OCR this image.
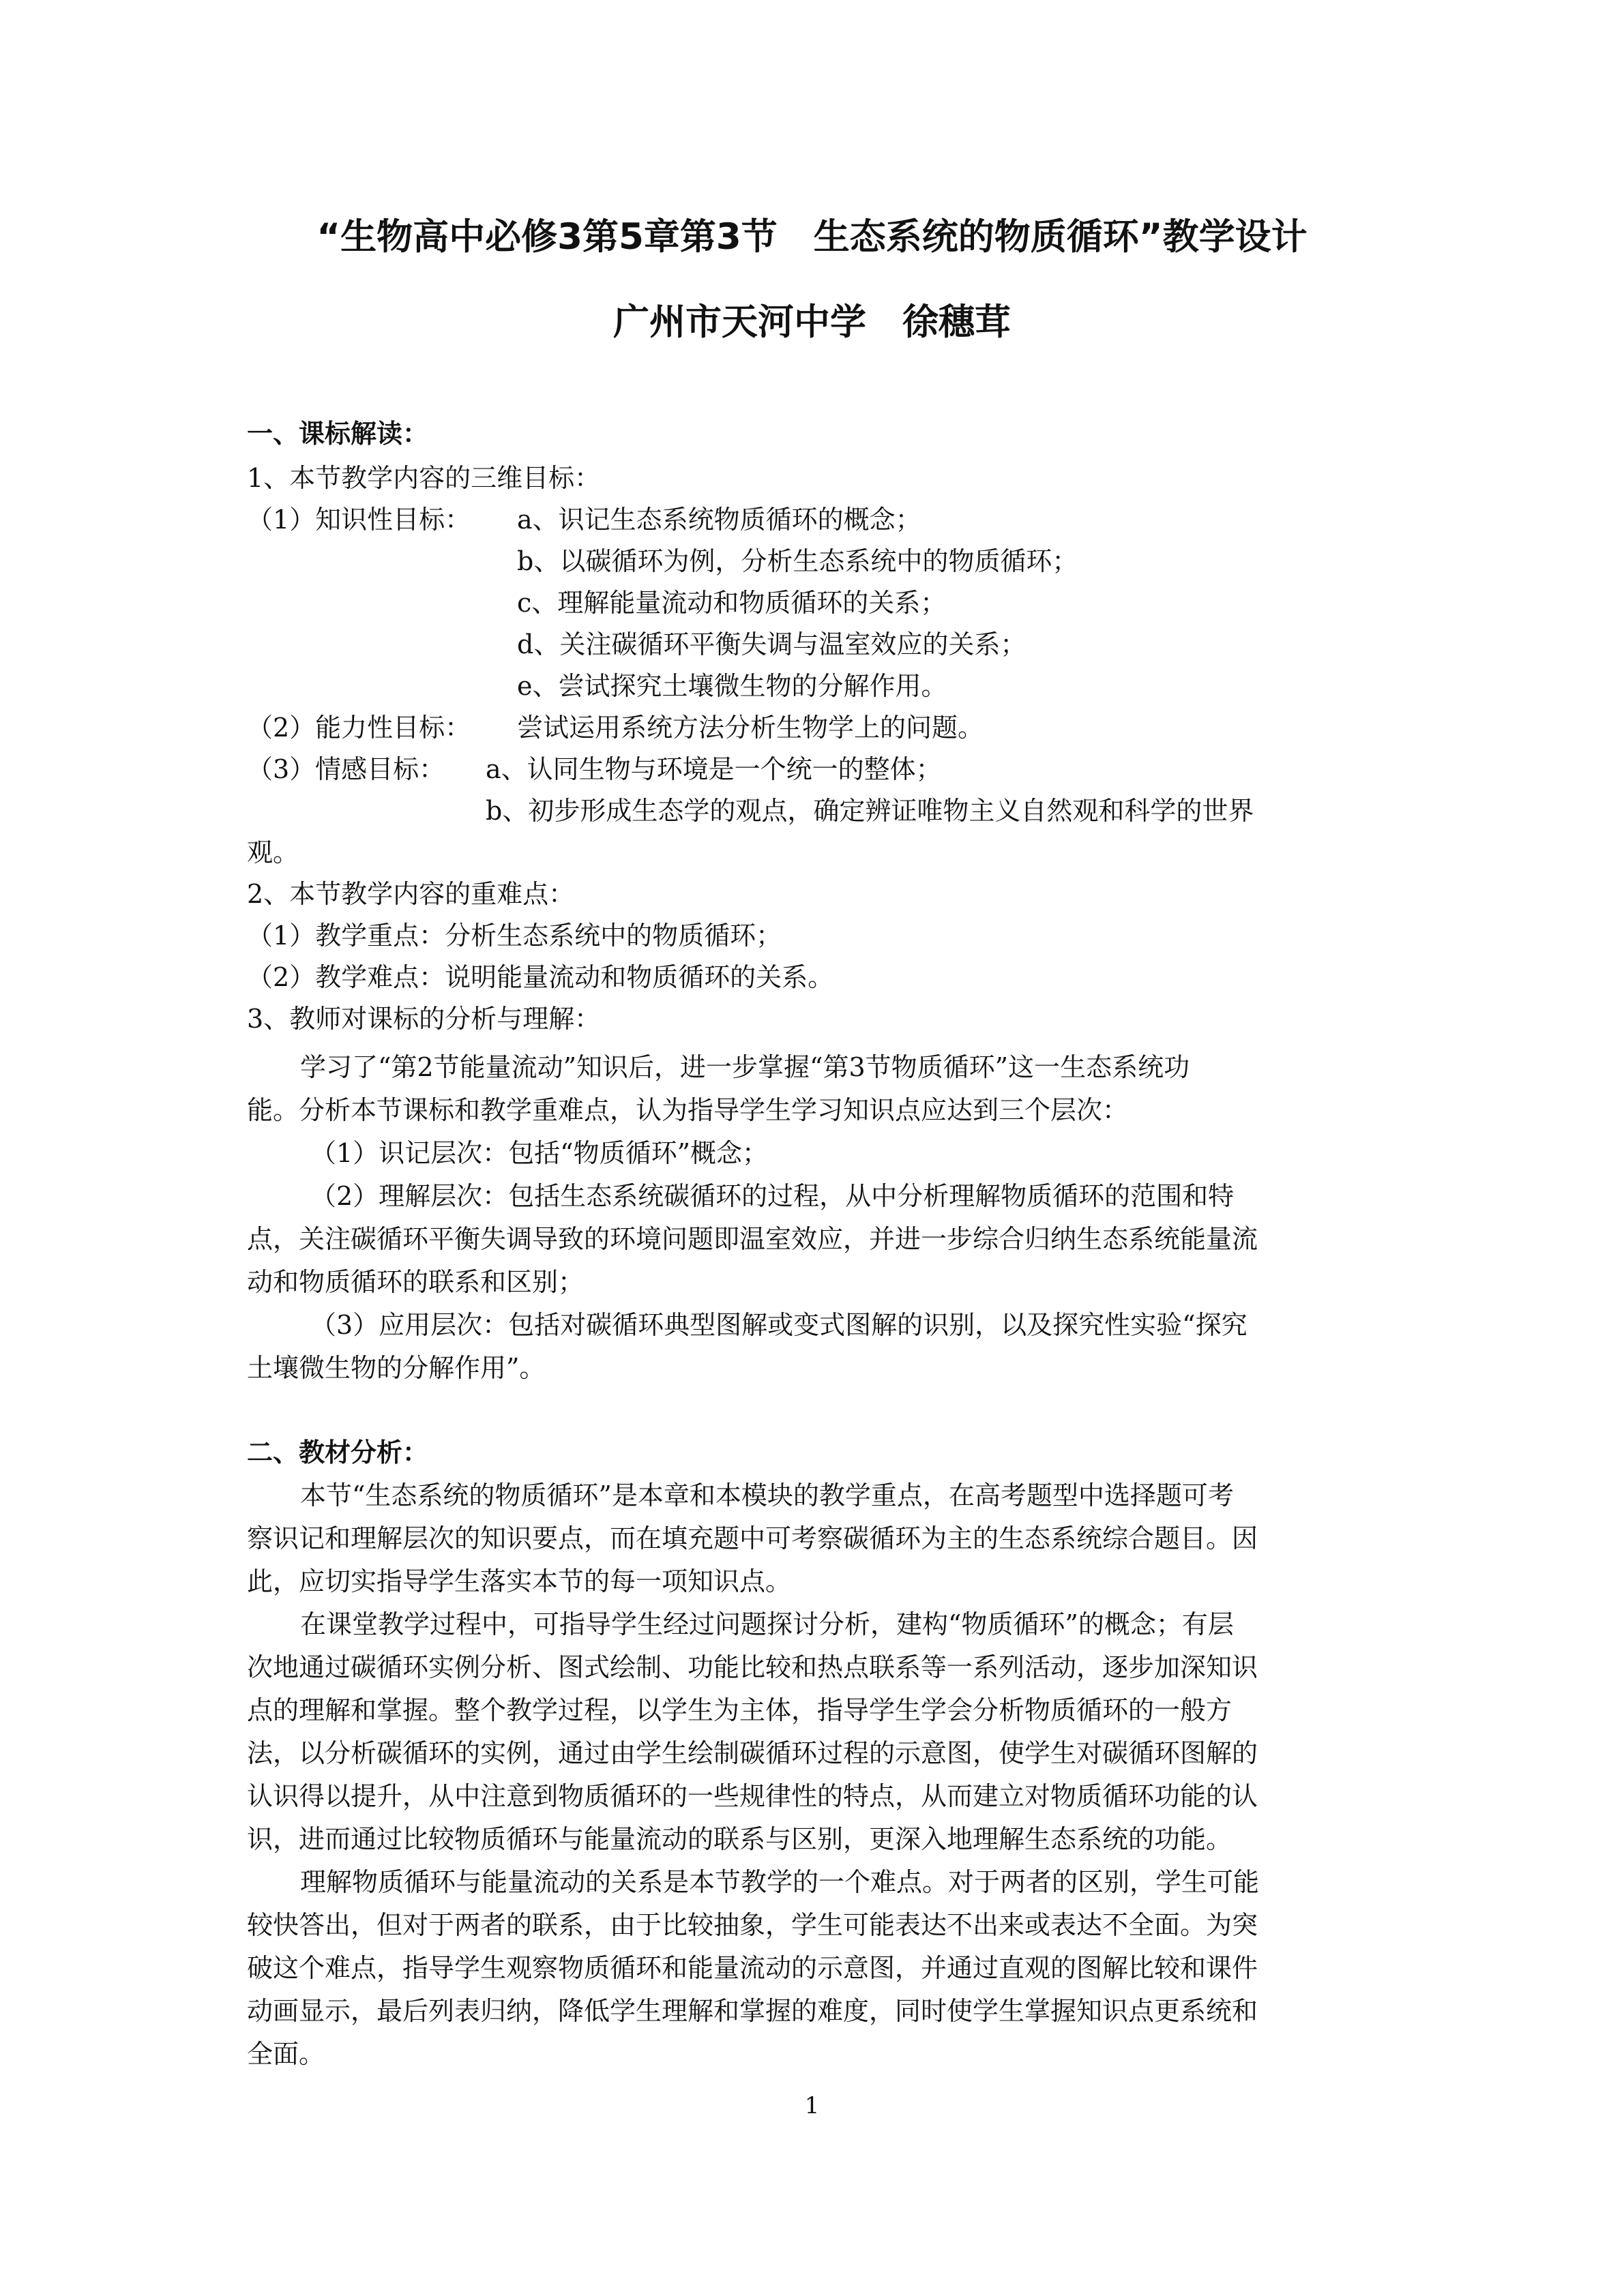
“生物高中必修3第5章第3节　生态系统的物质循环”教学设计
广州市天河中学　徐穗茸
一、课标解读：
1、本节教学内容的三维目标：
（1）知识性目标： a、识记生态系统物质循环的概念；
b、以碳循环为例，分析生态系统中的物质循环；
c、理解能量流动和物质循环的关系；
d、关注碳循环平衡失调与温室效应的关系；
e、尝试探究土壤微生物的分解作用。
（2）能力性目标： 尝试运用系统方法分析生物学上的问题。
（3）情感目标： a、认同生物与环境是一个统一的整体；
b、初步形成生态学的观点，确定辨证唯物主义自然观和科学的世界
观。
2、本节教学内容的重难点：
（1）教学重点：分析生态系统中的物质循环；
（2）教学难点：说明能量流动和物质循环的关系。
3、教师对课标的分析与理解：
学习了“第2节能量流动”知识后，进一步掌握“第3节物质循环”这一生态系统功
能。分析本节课标和教学重难点，认为指导学生学习知识点应达到三个层次：
（1）识记层次：包括“物质循环”概念；
（2）理解层次：包括生态系统碳循环的过程，从中分析理解物质循环的范围和特
点，关注碳循环平衡失调导致的环境问题即温室效应，并进一步综合归纳生态系统能量流
动和物质循环的联系和区别；
（3）应用层次：包括对碳循环典型图解或变式图解的识别，以及探究性实验“探究
土壤微生物的分解作用”。
二、教材分析：
本节“生态系统的物质循环”是本章和本模块的教学重点，在高考题型中选择题可考
察识记和理解层次的知识要点，而在填充题中可考察碳循环为主的生态系统综合题目。因
此，应切实指导学生落实本节的每一项知识点。
在课堂教学过程中，可指导学生经过问题探讨分析，建构“物质循环”的概念；有层
次地通过碳循环实例分析、图式绘制、功能比较和热点联系等一系列活动，逐步加深知识
点的理解和掌握。整个教学过程，以学生为主体，指导学生学会分析物质循环的一般方
法，以分析碳循环的实例，通过由学生绘制碳循环过程的示意图，使学生对碳循环图解的
认识得以提升，从中注意到物质循环的一些规律性的特点，从而建立对物质循环功能的认
识，进而通过比较物质循环与能量流动的联系与区别，更深入地理解生态系统的功能。
理解物质循环与能量流动的关系是本节教学的一个难点。对于两者的区别，学生可能
较快答出，但对于两者的联系，由于比较抽象，学生可能表达不出来或表达不全面。为突
破这个难点，指导学生观察物质循环和能量流动的示意图，并通过直观的图解比较和课件
动画显示，最后列表归纳，降低学生理解和掌握的难度，同时使学生掌握知识点更系统和
全面。
1
